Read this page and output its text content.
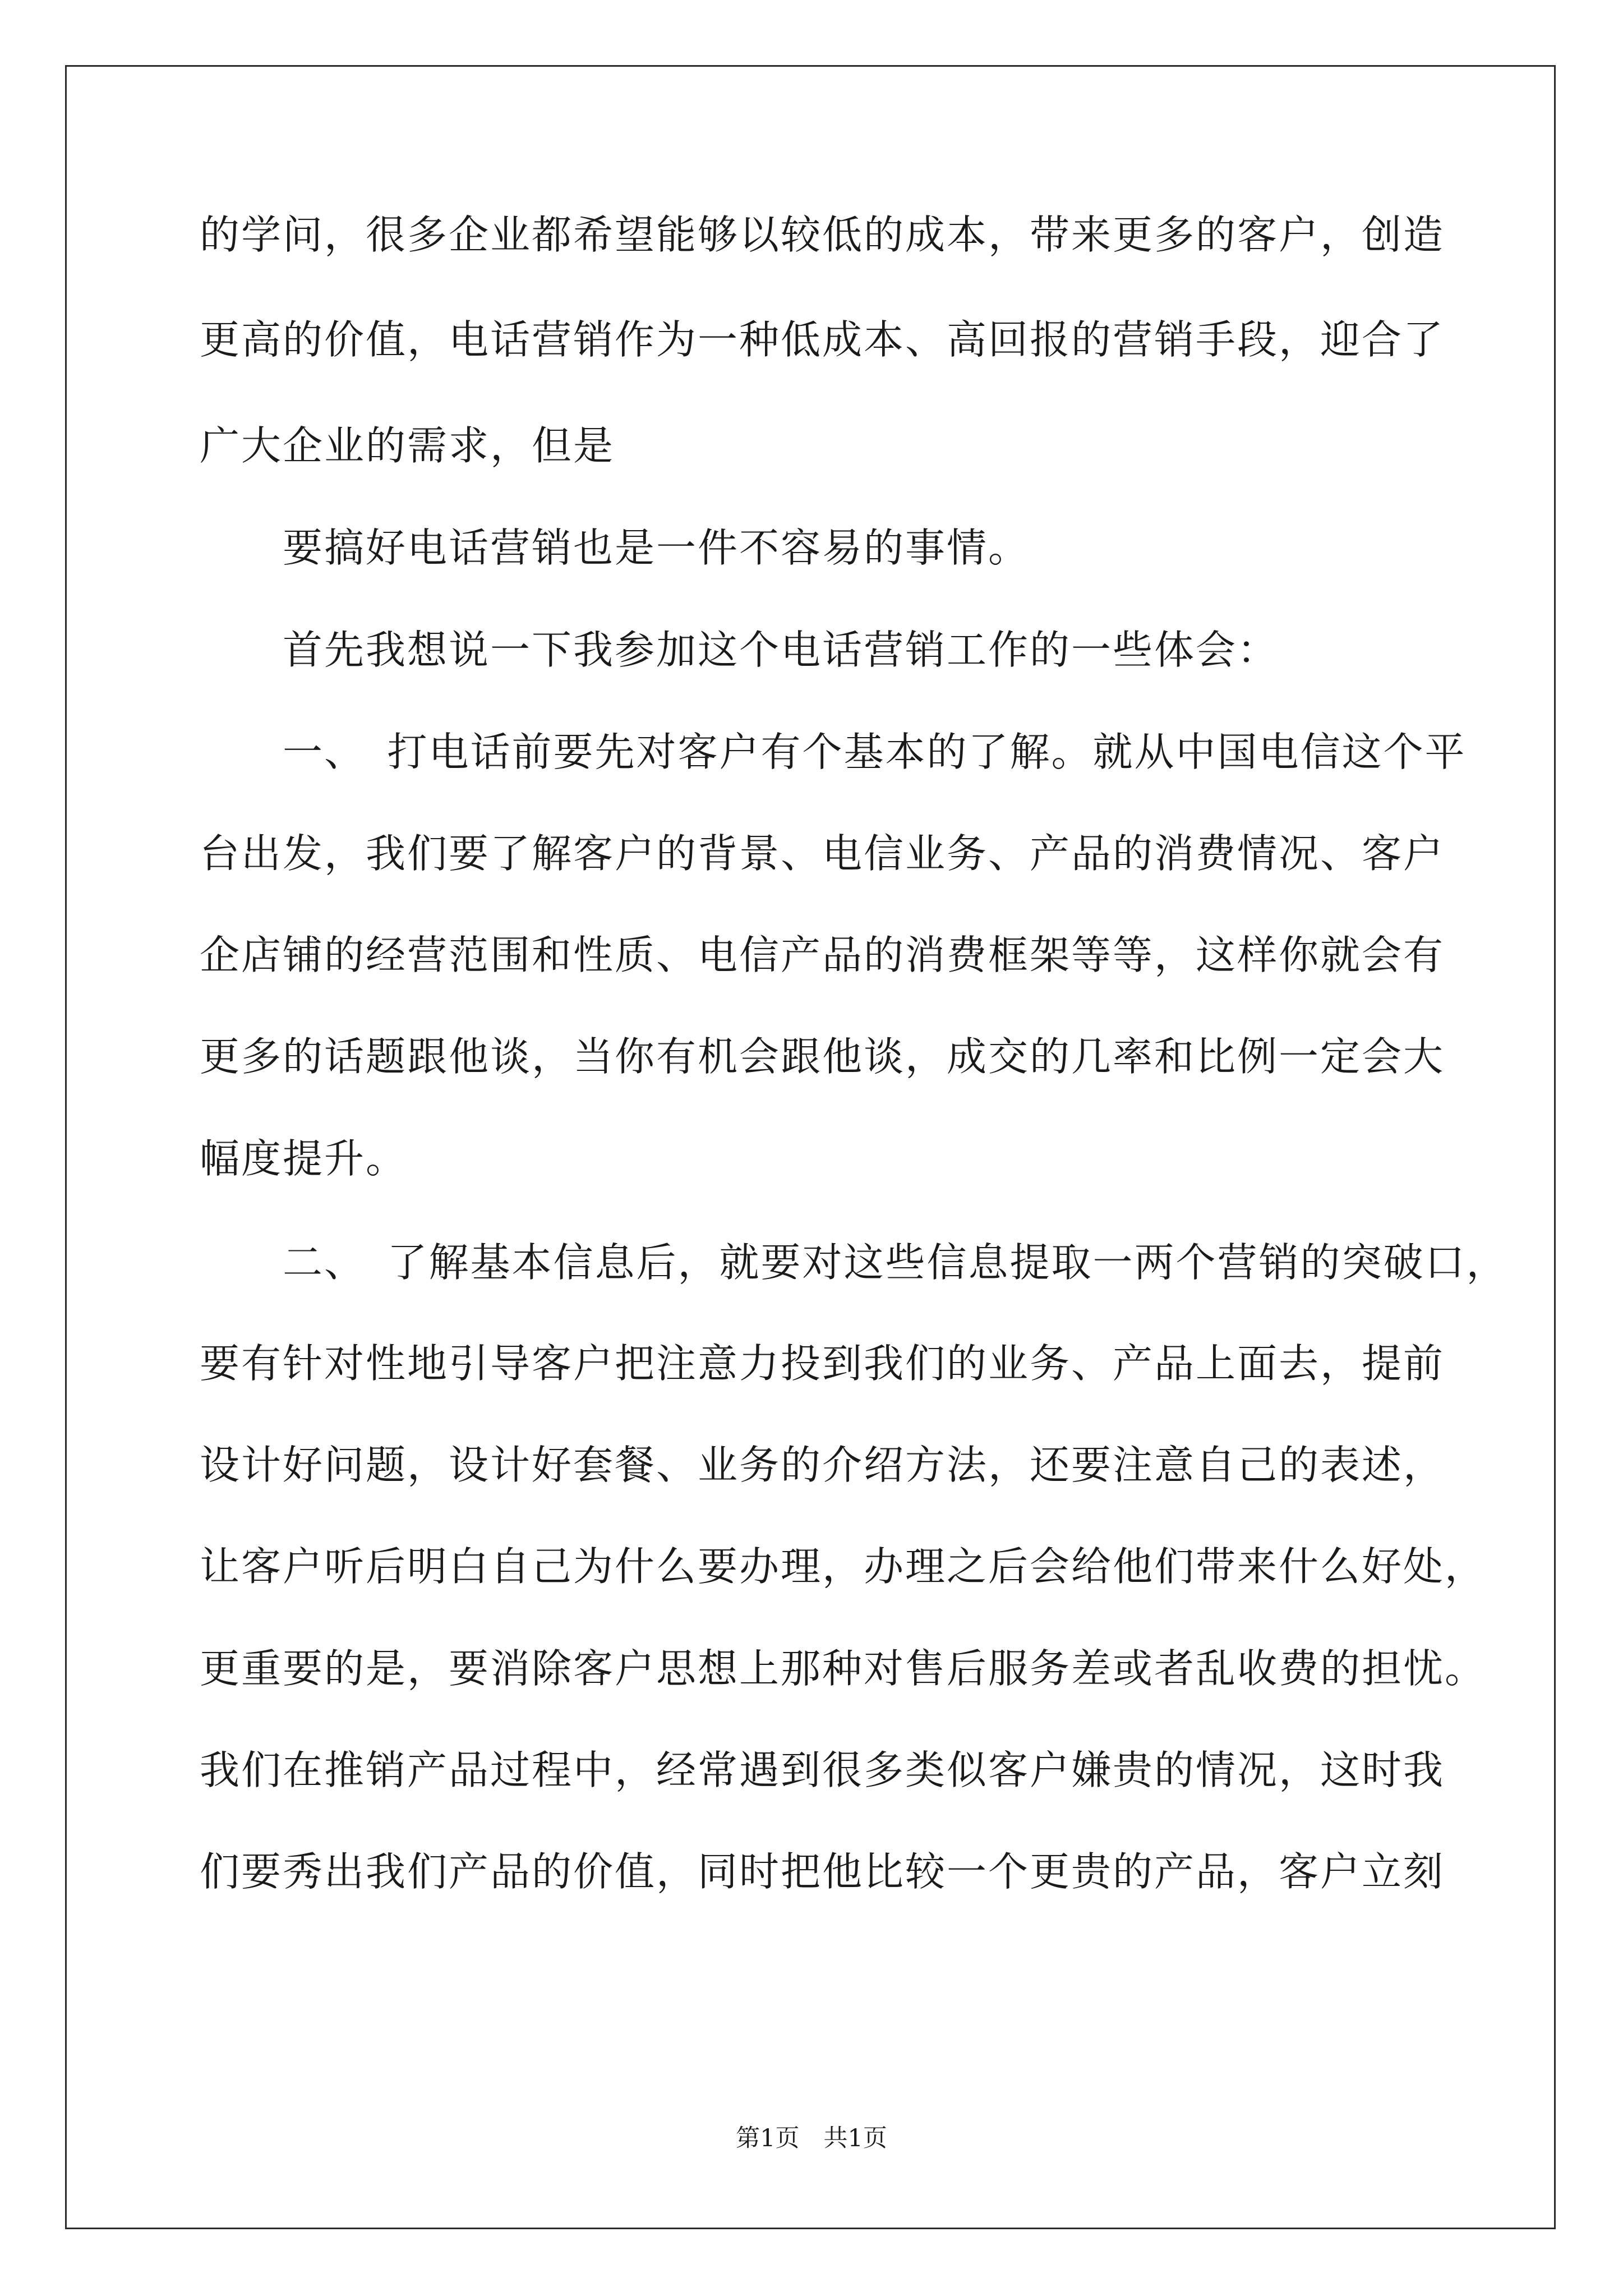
的学问，很多企业都希望能够以较低的成本，带来更多的客户，创造
更高的价值，电话营销作为一种低成本、高回报的营销手段，迎合了
广大企业的需求，但是
　　要搞好电话营销也是一件不容易的事情。
　　首先我想说一下我参加这个电话营销工作的一些体会：
　　一、　打电话前要先对客户有个基本的了解。就从中国电信这个平
台出发，我们要了解客户的背景、电信业务、产品的消费情况、客户
企店铺的经营范围和性质、电信产品的消费框架等等，这样你就会有
更多的话题跟他谈，当你有机会跟他谈，成交的几率和比例一定会大
幅度提升。
　　二、　了解基本信息后，就要对这些信息提取一两个营销的突破口，
要有针对性地引导客户把注意力投到我们的业务、产品上面去，提前
设计好问题，设计好套餐、业务的介绍方法，还要注意自己的表述，
让客户听后明白自己为什么要办理，办理之后会给他们带来什么好处，
更重要的是，要消除客户思想上那种对售后服务差或者乱收费的担忧。
我们在推销产品过程中，经常遇到很多类似客户嫌贵的情况，这时我
们要秀出我们产品的价值，同时把他比较一个更贵的产品，客户立刻
第1页　共1页
